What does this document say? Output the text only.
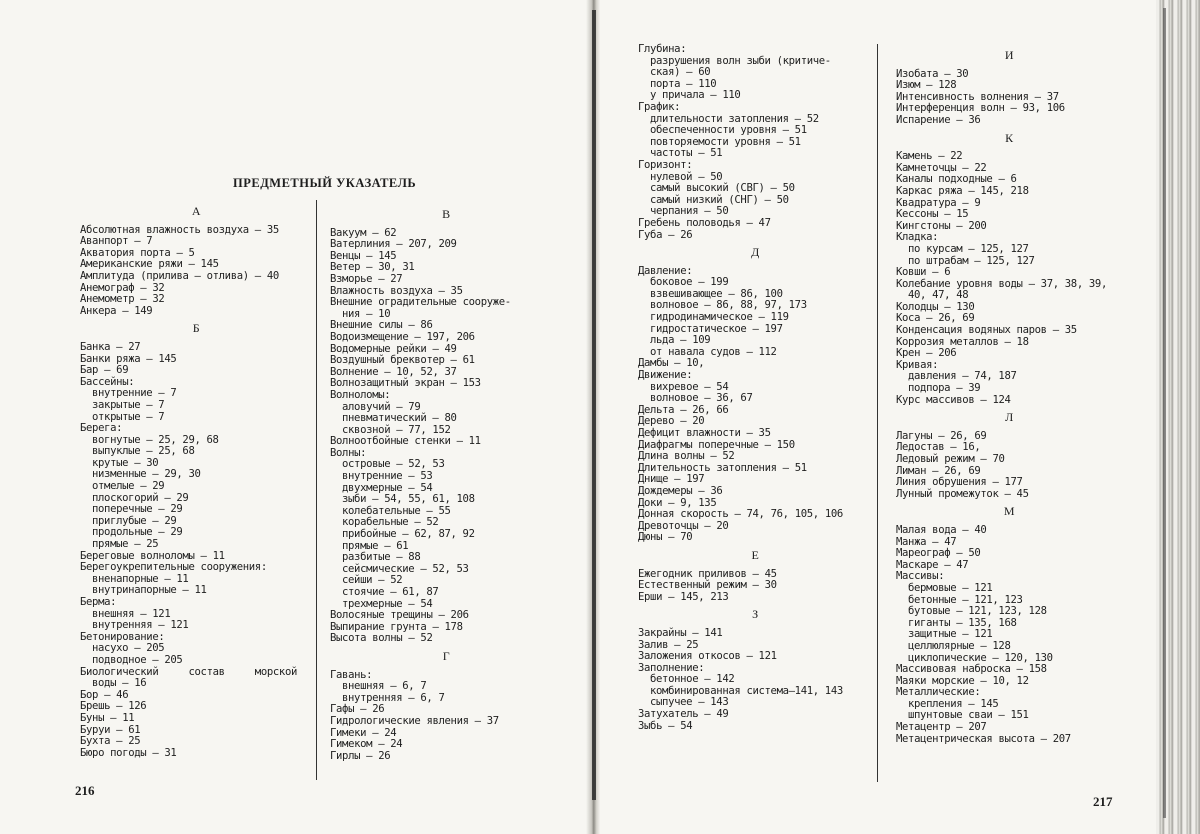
ПРЕДМЕТНЫЙ УКАЗАТЕЛЬ
А
Абсолютная влажность воздуха — 35
Аванпорт — 7
Акватория порта — 5
Американские ряжи — 145
Амплитуда (прилива — отлива) — 40
Анемограф — 32
Анемометр — 32
Анкера — 149
Б
Банка — 27
Банки ряжа — 145
Бар — 69
Бассейны:
внутренние — 7
закрытые — 7
открытые — 7
Берега:
вогнутые — 25, 29, 68
выпуклые — 25, 68
крутые — 30
низменные — 29, 30
отмелые — 29
плоскогорий — 29
поперечные — 29
приглубые — 29
продольные — 29
прямые — 25
Береговые волноломы — 11
Берегоукрепительные сооружения:
вненапорные — 11
внутринапорные — 11
Берма:
внешняя — 121
внутренняя — 121
Бетонирование:
насухо — 205
подводное — 205
Биологический     состав     морской
воды — 16
Бор — 46
Брешь — 126
Буны — 11
Буруи — 61
Бухта — 25
Бюро погоды — 31
В
Вакуум — 62
Ватерлиния — 207, 209
Венцы — 145
Ветер — 30, 31
Взморье — 27
Влажность воздуха — 35
Внешние оградительные сооруже-
ния — 10
Внешние силы — 86
Водоизмещение — 197, 206
Водомерные рейки — 49
Воздушный бреквотер — 61
Волнение — 10, 52, 37
Волнозащитный экран — 153
Волноломы:
аловучий — 79
пневматический — 80
сквозной — 77, 152
Волноотбойные стенки — 11
Волны:
островые — 52, 53
внутренние — 53
двухмерные — 54
зыби — 54, 55, 61, 108
колебательные — 55
корабельные — 52
прибойные — 62, 87, 92
прямые — 61
разбитые — 88
сейсмические — 52, 53
сейши — 52
стоячие — 61, 87
трехмерные — 54
Волосяные трещины — 206
Выпирание грунта — 178
Высота волны — 52
Г
Гавань:
внешняя — 6, 7
внутренняя — 6, 7
Гафы — 26
Гидрологические явления — 37
Гимеки — 24
Гимеком — 24
Гирлы — 26
Глубина:
разрушения волн зыби (критиче-
ская) — 60
порта — 110
у причала — 110
График:
длительности затопления — 52
обеспеченности уровня — 51
повторяемости уровня — 51
частоты — 51
Горизонт:
нулевой — 50
самый высокий (СВГ) — 50
самый низкий (СНГ) — 50
черпания — 50
Гребень половодья — 47
Губа — 26
Д
Давление:
боковое — 199
взвешивающее — 86, 100
волновое — 86, 88, 97, 173
гидродинамическое — 119
гидростатическое — 197
льда — 109
от навала судов — 112
Дамбы — 10,
Движение:
вихревое — 54
волновое — 36, 67
Дельта — 26, 66
Дерево — 20
Дефицит влажности — 35
Диафрагмы поперечные — 150
Длина волны — 52
Длительность затопления — 51
Днище — 197
Дождемеры — 36
Доки — 9, 135
Донная скорость — 74, 76, 105, 106
Древоточцы — 20
Дюны — 70
Е
Ежегодник приливов — 45
Естественный режим — 30
Ерши — 145, 213
З
Закрайны — 141
Залив — 25
Заложения откосов — 121
Заполнение:
бетонное — 142
комбинированная система—141, 143
сыпучее — 143
Затухатель — 49
Зыбь — 54
И
Изобата — 30
Изюм — 128
Интенсивность волнения — 37
Интерференция волн — 93, 106
Испарение — 36
К
Камень — 22
Камнеточцы — 22
Каналы подходные — 6
Каркас ряжа — 145, 218
Квадратура — 9
Кессоны — 15
Кингстоны — 200
Кладка:
по курсам — 125, 127
по штрабам — 125, 127
Ковши — 6
Колебание уровня воды — 37, 38, 39,
40, 47, 48
Колодцы — 130
Коса — 26, 69
Конденсация водяных паров — 35
Коррозия металлов — 18
Крен — 206
Кривая:
давления — 74, 187
подпора — 39
Курс массивов — 124
Л
Лагуны — 26, 69
Ледостав — 16,
Ледовый режим — 70
Лиман — 26, 69
Линия обрушения — 177
Лунный промежуток — 45
М
Малая вода — 40
Манжа — 47
Мареограф — 50
Маскаре — 47
Массивы:
бермовые — 121
бетонные — 121, 123
бутовые — 121, 123, 128
гиганты — 135, 168
защитные — 121
целлюлярные — 128
циклопические — 120, 130
Массивовая наброска — 158
Маяки морские — 10, 12
Металлические:
крепления — 145
шпунтовые сваи — 151
Метацентр — 207
Метацентрическая высота — 207
216
217
